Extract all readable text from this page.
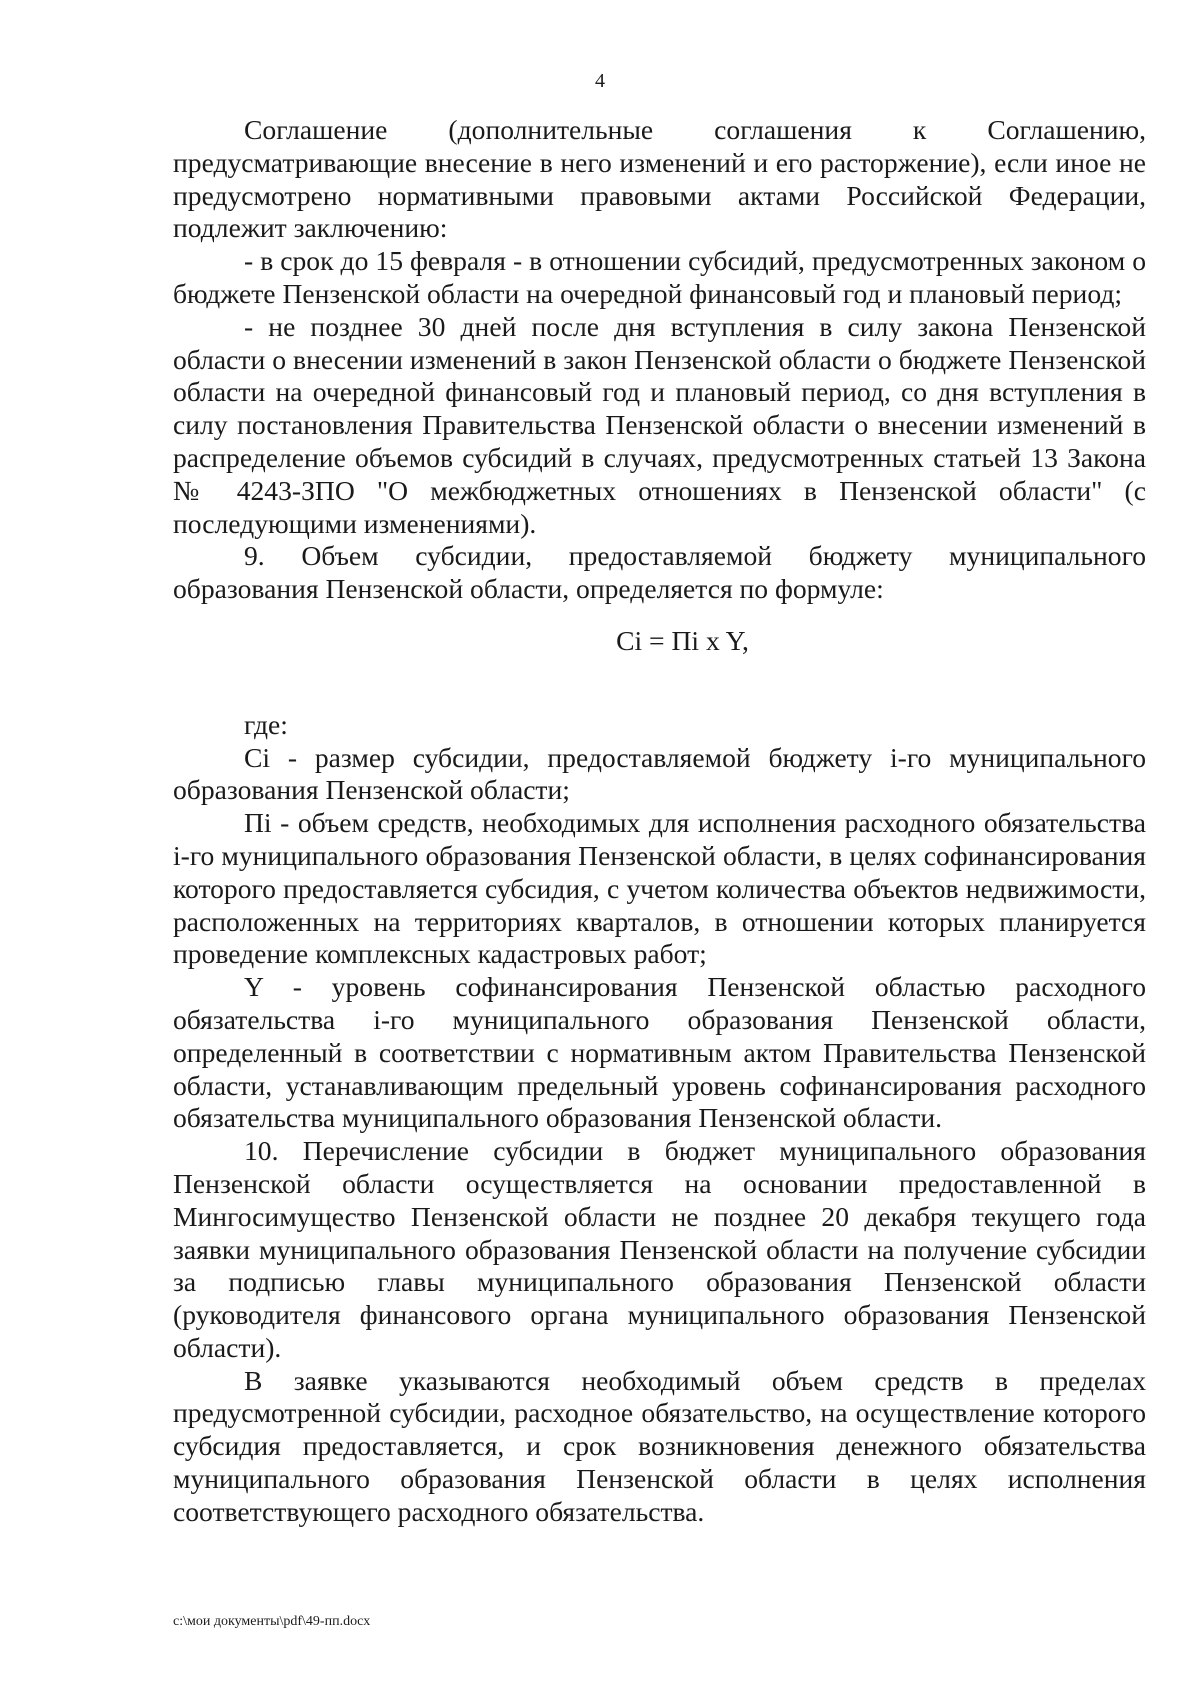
4

Соглашение (дополнительные соглашения к Соглашению, предусматривающие внесение в него изменений и его расторжение), если иное не предусмотрено нормативными правовыми актами Российской Федерации, подлежит заключению:

- в срок до 15 февраля - в отношении субсидий, предусмотренных законом о бюджете Пензенской области на очередной финансовый год и плановый период;

- не позднее 30 дней после дня вступления в силу закона Пензенской области о внесении изменений в закон Пензенской области о бюджете Пензенской области на очередной финансовый год и плановый период, со дня вступления в силу постановления Правительства Пензенской области о внесении изменений в распределение объемов субсидий в случаях, предусмотренных статьей 13 Закона № 4243-ЗПО "О межбюджетных отношениях в Пензенской области" (с последующими изменениями).

9. Объем субсидии, предоставляемой бюджету муниципального образования Пензенской области, определяется по формуле:

Ci = Пi x Y,

где:

Ci - размер субсидии, предоставляемой бюджету i-го муниципального образования Пензенской области;

Пi - объем средств, необходимых для исполнения расходного обязательства i-го муниципального образования Пензенской области, в целях софинансирования которого предоставляется субсидия, с учетом количества объектов недвижимости, расположенных на территориях кварталов, в отношении которых планируется проведение комплексных кадастровых работ;

Y - уровень софинансирования Пензенской областью расходного обязательства i-го муниципального образования Пензенской области, определенный в соответствии с нормативным актом Правительства Пензенской области, устанавливающим предельный уровень софинансирования расходного обязательства муниципального образования Пензенской области.

10. Перечисление субсидии в бюджет муниципального образования Пензенской области осуществляется на основании предоставленной в Мингосимущество Пензенской области не позднее 20 декабря текущего года заявки муниципального образования Пензенской области на получение субсидии за подписью главы муниципального образования Пензенской области (руководителя финансового органа муниципального образования Пензенской области).

В заявке указываются необходимый объем средств в пределах предусмотренной субсидии, расходное обязательство, на осуществление которого субсидия предоставляется, и срок возникновения денежного обязательства муниципального образования Пензенской области в целях исполнения соответствующего расходного обязательства.

c:\мои документы\pdf\49-пп.docx
